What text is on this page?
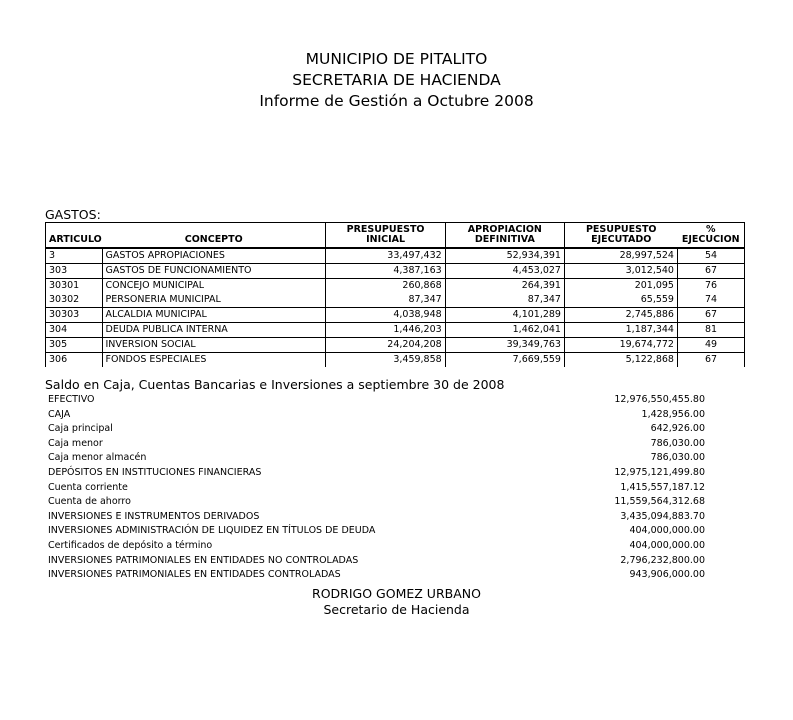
MUNICIPIO DE PITALITO
SECRETARIA DE HACIENDA
Informe de Gestión a Octubre 2008
GASTOS:
		PRESUPUESTO	APROPIACION	PESUPUESTO	%
ARTICULO	CONCEPTO	INICIAL	DEFINITIVA	EJECUTADO	EJECUCION
3	GASTOS APROPIACIONES	33,497,432	52,934,391	28,997,524	54
303	GASTOS DE FUNCIONAMIENTO	4,387,163	4,453,027	3,012,540	67
30301	CONCEJO MUNICIPAL	260,868	264,391	201,095	76
30302	PERSONERIA MUNICIPAL	87,347	87,347	65,559	74
30303	ALCALDIA MUNICIPAL	4,038,948	4,101,289	2,745,886	67
304	DEUDA PUBLICA INTERNA	1,446,203	1,462,041	1,187,344	81
305	INVERSION SOCIAL	24,204,208	39,349,763	19,674,772	49
306	FONDOS ESPECIALES	3,459,858	7,669,559	5,122,868	67
Saldo en Caja, Cuentas Bancarias e Inversiones a septiembre 30 de 2008
EFECTIVO	12,976,550,455.80
CAJA	1,428,956.00
Caja principal	642,926.00
Caja menor	786,030.00
Caja menor almacén	786,030.00
DEPÓSITOS EN INSTITUCIONES FINANCIERAS	12,975,121,499.80
Cuenta corriente	1,415,557,187.12
Cuenta de ahorro	11,559,564,312.68
INVERSIONES E INSTRUMENTOS DERIVADOS	3,435,094,883.70
INVERSIONES ADMINISTRACIÓN DE LIQUIDEZ EN TÍTULOS DE DEUDA	404,000,000.00
Certificados de depósito a término	404,000,000.00
INVERSIONES PATRIMONIALES EN ENTIDADES NO CONTROLADAS	2,796,232,800.00
INVERSIONES PATRIMONIALES EN ENTIDADES CONTROLADAS	943,906,000.00
RODRIGO GOMEZ URBANO
Secretario de Hacienda
